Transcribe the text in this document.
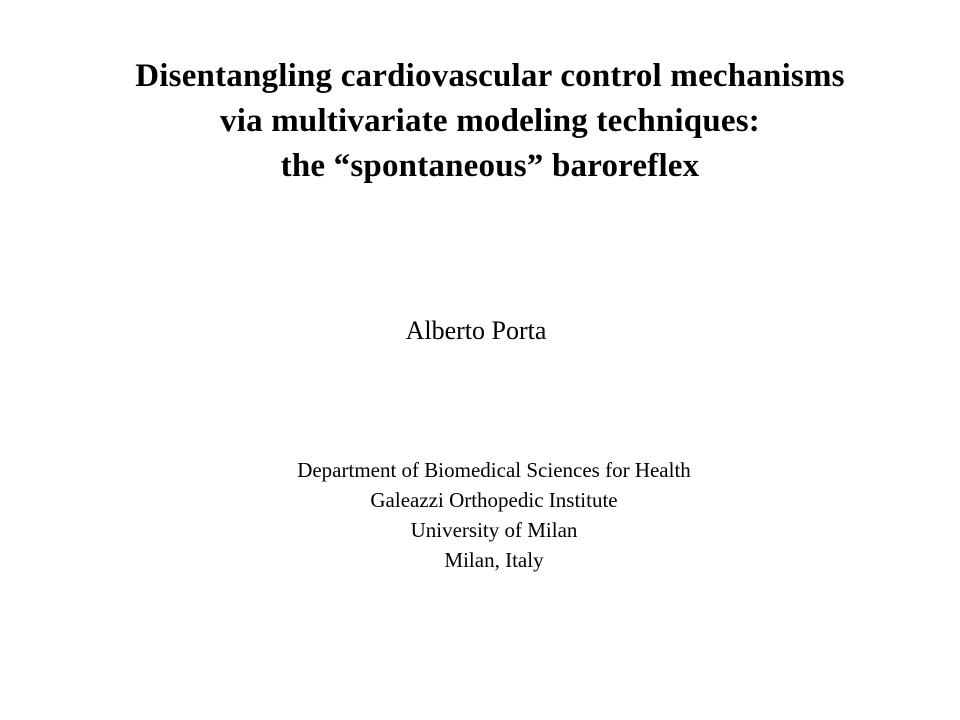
Disentangling cardiovascular control mechanisms
via multivariate modeling techniques:
the “spontaneous” baroreflex
Alberto Porta
Department of Biomedical Sciences for Health
Galeazzi Orthopedic Institute
University of Milan
Milan, Italy
